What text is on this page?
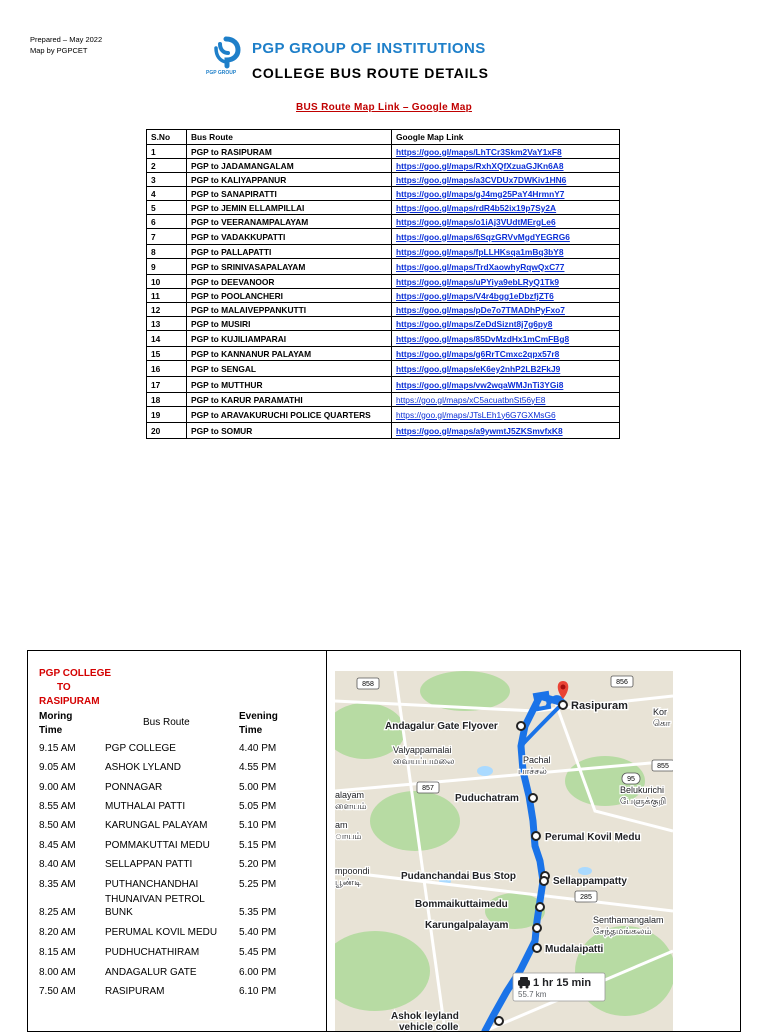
Prepared – May 2022
Map by PGPCET
PGP GROUP
PGP GROUP OF INSTITUTIONS
COLLEGE BUS ROUTE DETAILS
BUS Route Map Link – Google Map
S.No	Bus Route	Google Map Link
1	PGP to RASIPURAM	https://goo.gl/maps/LhTCr3Skm2VaY1xF8
2	PGP to JADAMANGALAM	https://goo.gl/maps/RxhXQfXzuaGJKn6A8
3	PGP to KALIYAPPANUR	https://goo.gl/maps/a3CVDUx7DWKiv1HN6
4	PGP to SANAPIRATTI	https://goo.gl/maps/gJ4mg25PaY4HrmnY7
5	PGP to JEMIN ELLAMPILLAI	https://goo.gl/maps/rdR4b52ix19p7Sy2A
6	PGP to VEERANAMPALAYAM	https://goo.gl/maps/o1iAj3VUdtMErgLe6
7	PGP to VADAKKUPATTI	https://goo.gl/maps/6SqzGRVvMgdYEGRG6
8	PGP to PALLAPATTI	https://goo.gl/maps/fpLLHKsqa1mBq3bY8
9	PGP to SRINIVASAPALAYAM	https://goo.gl/maps/TrdXaowhyRqwQxC77
10	PGP to DEEVANOOR	https://goo.gl/maps/uPYiya9ebLRyQ1Tk9
11	PGP to POOLANCHERI	https://goo.gl/maps/V4r4bgg1eDbzfjZT6
12	PGP to MALAIVEPPANKUTTI	https://goo.gl/maps/pDe7o7TMADhPyFxo7
13	PGP to MUSIRI	https://goo.gl/maps/ZeDdSiznt8j7g6py8
14	PGP to KUJILIAMPARAI	https://goo.gl/maps/85DvMzdHx1mCmFBg8
15	PGP to KANNANUR PALAYAM	https://goo.gl/maps/g6RrTCmxc2qpx57r8
16	PGP to SENGAL	https://goo.gl/maps/eK6ey2nhP2LB2FkJ9
17	PGP to MUTTHUR	https://goo.gl/maps/vw2wqaWMJnTi3YGi8
18	PGP to KARUR PARAMATHI	https://goo.gl/maps/xC5acuatbnSt56yE8
19	PGP to ARAVAKURUCHI POLICE QUARTERS	https://goo.gl/maps/JTsLEh1y6G7GXMsG6
20	PGP to SOMUR	https://goo.gl/maps/a9ywmtJ5ZKSmvfxK8
PGP COLLEGE
TO
RASIPURAM
Moring
Time
Bus Route
Evening
Time
9.15 AM	PGP COLLEGE	4.40 PM
9.05 AM	ASHOK LYLAND	4.55 PM
9.00 AM	PONNAGAR	5.00 PM
8.55 AM	MUTHALAI PATTI	5.05 PM
8.50 AM	KARUNGAL PALAYAM	5.10 PM
8.45 AM	POMMAKUTTAI MEDU	5.15 PM
8.40 AM	SELLAPPAN PATTI	5.20 PM
8.35 AM	PUTHANCHANDHAI	5.25 PM
THUNAIVAN PETROL
8.25 AM	BUNK	5.35 PM
8.20 AM	PERUMAL KOVIL MEDU	5.40 PM
8.15 AM	PUDHUCHATHIRAM	5.45 PM
8.00 AM	ANDAGALUR GATE	6.00 PM
7.50 AM	RASIPURAM	6.10 PM
858	856
855
857
95
285
Rasipuram
Andagalur Gate Flyover
Valyappamalai
வையப்பமலை	Pachal
பாச்சல்
alayam
ளையம்
Puduchatram
am
ாயம்	Perumal Kovil Medu
mpoondi
பூண்டி	Pudanchandai Bus Stop	Sellappampatty
Bommaikuttaimedu
Karungalpalayam
Mudalaipatti
Senthamangalam
சேந்தமங்கலம்
Belukurichi
பேளுக்குறி
Kor
கொ
Ashok leyland
vehicle colle
1 hr 15 min
55.7 km
